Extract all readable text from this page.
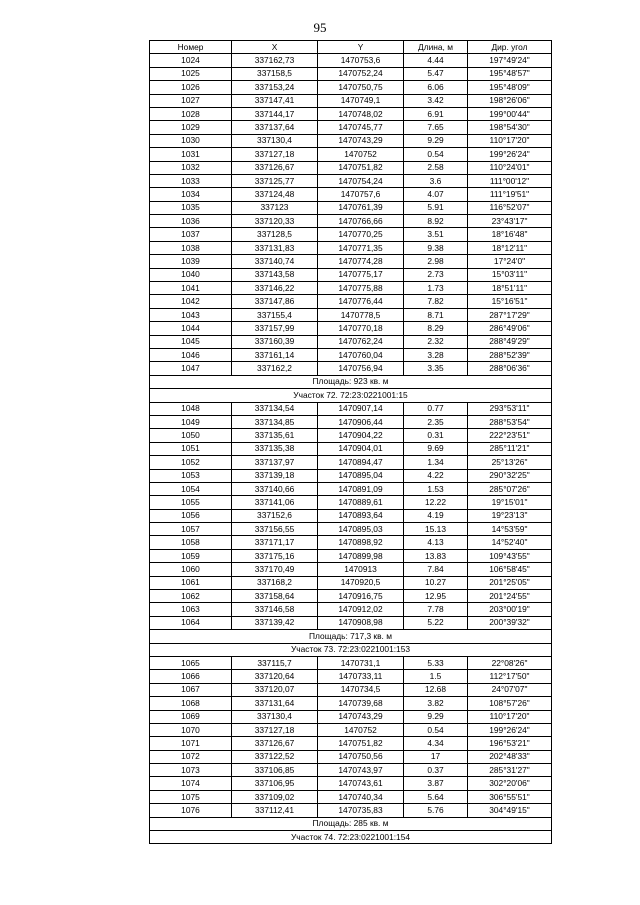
95
Номер	X	Y	Длина, м	Дир. угол
1024	337162,73	1470753,6	4.44	197°49'24"
1025	337158,5	1470752,24	5.47	195°48'57"
1026	337153,24	1470750,75	6.06	195°48'09"
1027	337147,41	1470749,1	3.42	198°26'06"
1028	337144,17	1470748,02	6.91	199°00'44"
1029	337137,64	1470745,77	7.65	198°54'30"
1030	337130,4	1470743,29	9.29	110°17'20"
1031	337127,18	1470752	0.54	199°26'24"
1032	337126,67	1470751,82	2.58	110°24'01"
1033	337125,77	1470754,24	3.6	111°00'12"
1034	337124,48	1470757,6	4.07	111°19'51"
1035	337123	1470761,39	5.91	116°52'07"
1036	337120,33	1470766,66	8.92	23°43'17"
1037	337128,5	1470770,25	3.51	18°16'48"
1038	337131,83	1470771,35	9.38	18°12'11"
1039	337140,74	1470774,28	2.98	17°24'0"
1040	337143,58	1470775,17	2.73	15°03'11"
1041	337146,22	1470775,88	1.73	18°51'11"
1042	337147,86	1470776,44	7.82	15°16'51"
1043	337155,4	1470778,5	8.71	287°17'29"
1044	337157,99	1470770,18	8.29	286°49'06"
1045	337160,39	1470762,24	2.32	288°49'29"
1046	337161,14	1470760,04	3.28	288°52'39"
1047	337162,2	1470756,94	3.35	288°06'36"
Площадь: 923 кв. м				
Участок 72. 72:23:0221001:15				
1048	337134,54	1470907,14	0.77	293°53'11"
1049	337134,85	1470906,44	2.35	288°53'54"
1050	337135,61	1470904,22	0.31	222°23'51"
1051	337135,38	1470904,01	9.69	285°11'21"
1052	337137,97	1470894,47	1.34	25°13'26"
1053	337139,18	1470895,04	4.22	290°32'25"
1054	337140,66	1470891,09	1.53	285°07'26"
1055	337141,06	1470889,61	12.22	19°15'01"
1056	337152,6	1470893,64	4.19	19°23'13"
1057	337156,55	1470895,03	15.13	14°53'59"
1058	337171,17	1470898,92	4.13	14°52'40"
1059	337175,16	1470899,98	13.83	109°43'55"
1060	337170,49	1470913	7.84	106°58'45"
1061	337168,2	1470920,5	10.27	201°25'05"
1062	337158,64	1470916,75	12.95	201°24'55"
1063	337146,58	1470912,02	7.78	203°00'19"
1064	337139,42	1470908,98	5.22	200°39'32"
Площадь: 717,3 кв. м				
Участок 73. 72:23:0221001:153				
1065	337115,7	1470731,1	5.33	22°08'26"
1066	337120,64	1470733,11	1.5	112°17'50"
1067	337120,07	1470734,5	12.68	24°07'07"
1068	337131,64	1470739,68	3.82	108°57'26"
1069	337130,4	1470743,29	9.29	110°17'20"
1070	337127,18	1470752	0.54	199°26'24"
1071	337126,67	1470751,82	4.34	196°53'21"
1072	337122,52	1470750,56	17	202°48'33"
1073	337106,85	1470743,97	0.37	285°31'27"
1074	337106,95	1470743,61	3.87	302°20'06"
1075	337109,02	1470740,34	5.64	306°55'51"
1076	337112,41	1470735,83	5.76	304°49'15"
Площадь: 285 кв. м				
Участок 74. 72:23:0221001:154				
